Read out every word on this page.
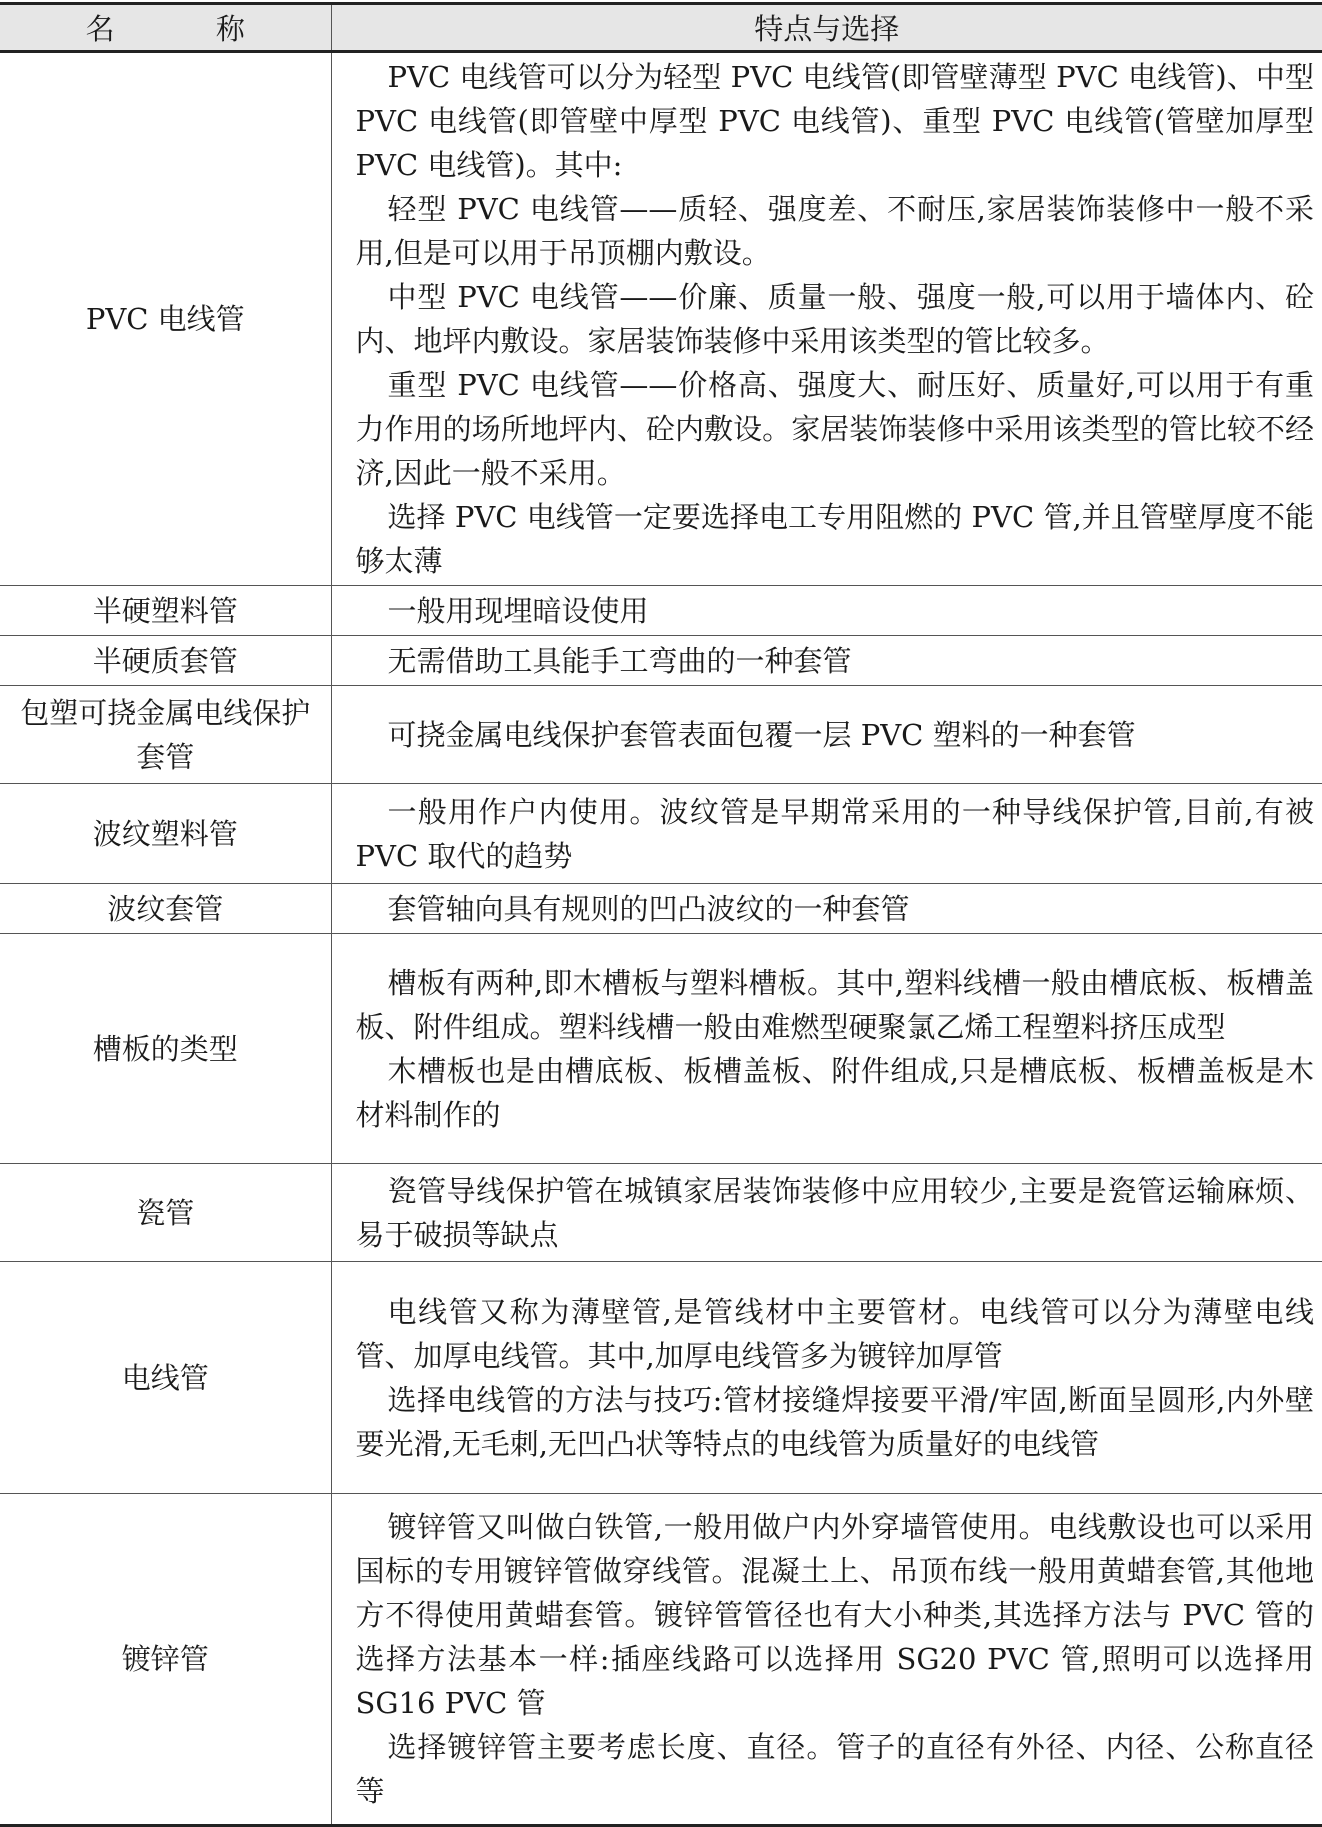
名 称	特点与选择
PVC 电线管	PVC 电线管可以分为轻型 PVC 电线管(即管壁薄型 PVC 电线管)、中型 PVC 电线管(即管壁中厚型 PVC 电线管)、重型 PVC 电线管(管壁加厚型 PVC 电线管)。其中:

轻型 PVC 电线管——质轻、强度差、不耐压,家居装饰装修中一般不采用,但是可以用于吊顶棚内敷设。

中型 PVC 电线管——价廉、质量一般、强度一般,可以用于墙体内、砼内、地坪内敷设。家居装饰装修中采用该类型的管比较多。

重型 PVC 电线管——价格高、强度大、耐压好、质量好,可以用于有重力作用的场所地坪内、砼内敷设。家居装饰装修中采用该类型的管比较不经济,因此一般不采用。

选择 PVC 电线管一定要选择电工专用阻燃的 PVC 管,并且管壁厚度不能够太薄

半硬塑料管	一般用现埋暗设使用

半硬质套管	无需借助工具能手工弯曲的一种套管

包塑可挠金属电线保护套管	可挠金属电线保护套管表面包覆一层 PVC 塑料的一种套管

波纹塑料管	一般用作户内使用。波纹管是早期常采用的一种导线保护管,目前,有被 PVC 取代的趋势

波纹套管	套管轴向具有规则的凹凸波纹的一种套管

槽板的类型	槽板有两种,即木槽板与塑料槽板。其中,塑料线槽一般由槽底板、板槽盖板、附件组成。塑料线槽一般由难燃型硬聚氯乙烯工程塑料挤压成型

木槽板也是由槽底板、板槽盖板、附件组成,只是槽底板、板槽盖板是木材料制作的

瓷管	瓷管导线保护管在城镇家居装饰装修中应用较少,主要是瓷管运输麻烦、易于破损等缺点

电线管	电线管又称为薄壁管,是管线材中主要管材。电线管可以分为薄壁电线管、加厚电线管。其中,加厚电线管多为镀锌加厚管

选择电线管的方法与技巧:管材接缝焊接要平滑/牢固,断面呈圆形,内外壁要光滑,无毛刺,无凹凸状等特点的电线管为质量好的电线管

镀锌管	镀锌管又叫做白铁管,一般用做户内外穿墙管使用。电线敷设也可以采用国标的专用镀锌管做穿线管。混凝土上、吊顶布线一般用黄蜡套管,其他地方不得使用黄蜡套管。镀锌管管径也有大小种类,其选择方法与 PVC 管的选择方法基本一样:插座线路可以选择用 SG20 PVC 管,照明可以选择用 SG16 PVC 管

选择镀锌管主要考虑长度、直径。管子的直径有外径、内径、公称直径等
